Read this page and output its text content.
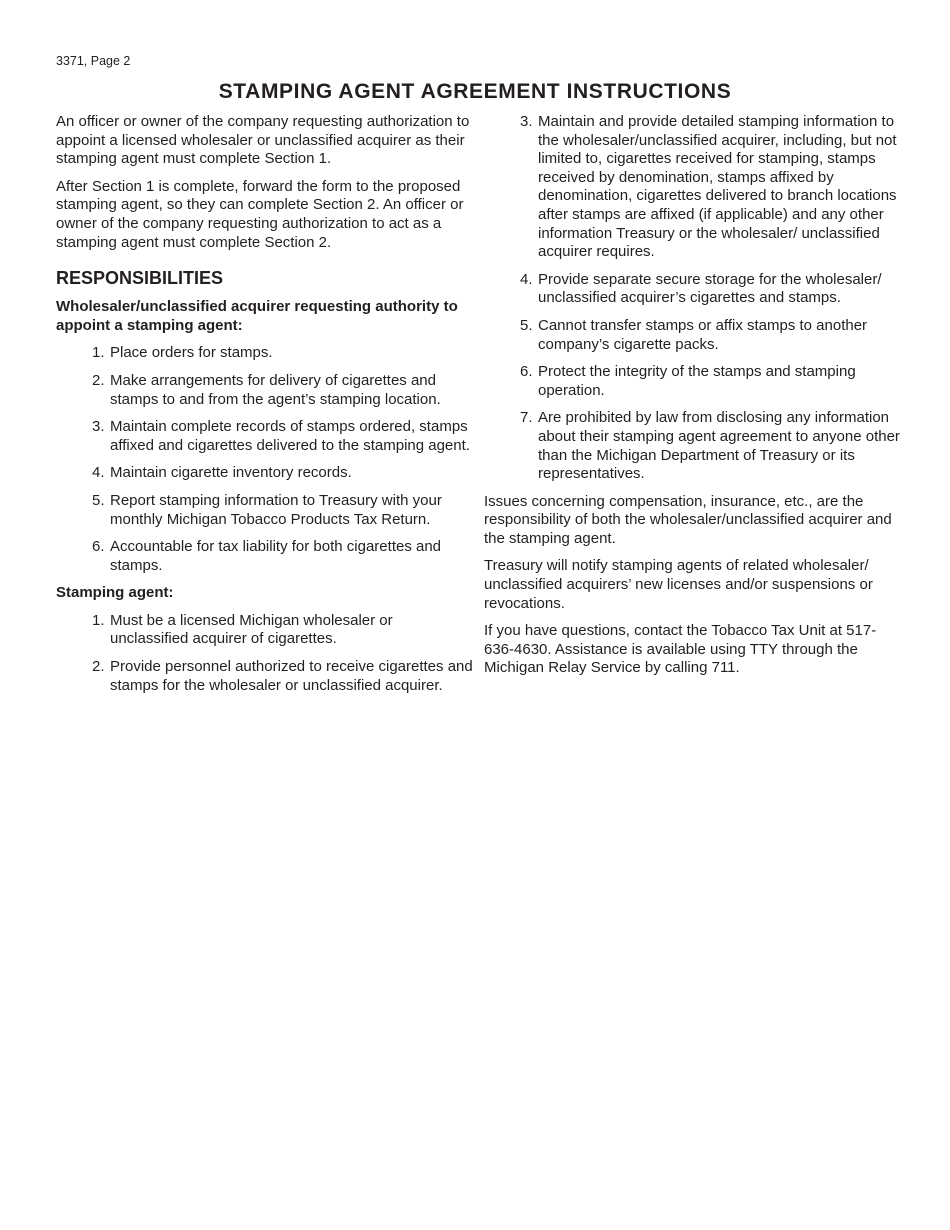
3371, Page 2
STAMPING AGENT AGREEMENT INSTRUCTIONS

An officer or owner of the company requesting authorization to appoint a licensed wholesaler or unclassified acquirer as their stamping agent must complete Section 1.

After Section 1 is complete, forward the form to the proposed stamping agent, so they can complete Section 2. An officer or owner of the company requesting authorization to act as a stamping agent must complete Section 2.

RESPONSIBILITIES
Wholesaler/unclassified acquirer requesting authority to appoint a stamping agent:
1. Place orders for stamps.
2. Make arrangements for delivery of cigarettes and stamps to and from the agent’s stamping location.
3. Maintain complete records of stamps ordered, stamps affixed and cigarettes delivered to the stamping agent.
4. Maintain cigarette inventory records.
5. Report stamping information to Treasury with your monthly Michigan Tobacco Products Tax Return.
6. Accountable for tax liability for both cigarettes and stamps.
Stamping agent:
1. Must be a licensed Michigan wholesaler or unclassified acquirer of cigarettes.
2. Provide personnel authorized to receive cigarettes and stamps for the wholesaler or unclassified acquirer.
3. Maintain and provide detailed stamping information to the wholesaler/unclassified acquirer, including, but not limited to, cigarettes received for stamping, stamps received by denomination, stamps affixed by denomination, cigarettes delivered to branch locations after stamps are affixed (if applicable) and any other information Treasury or the wholesaler/ unclassified acquirer requires.
4. Provide separate secure storage for the wholesaler/ unclassified acquirer’s cigarettes and stamps.
5. Cannot transfer stamps or affix stamps to another company’s cigarette packs.
6. Protect the integrity of the stamps and stamping operation.
7. Are prohibited by law from disclosing any information about their stamping agent agreement to anyone other than the Michigan Department of Treasury or its representatives.

Issues concerning compensation, insurance, etc., are the responsibility of both the wholesaler/unclassified acquirer and the stamping agent.

Treasury will notify stamping agents of related wholesaler/ unclassified acquirers’ new licenses and/or suspensions or revocations.

If you have questions, contact the Tobacco Tax Unit at 517-636-4630. Assistance is available using TTY through the Michigan Relay Service by calling 711.
